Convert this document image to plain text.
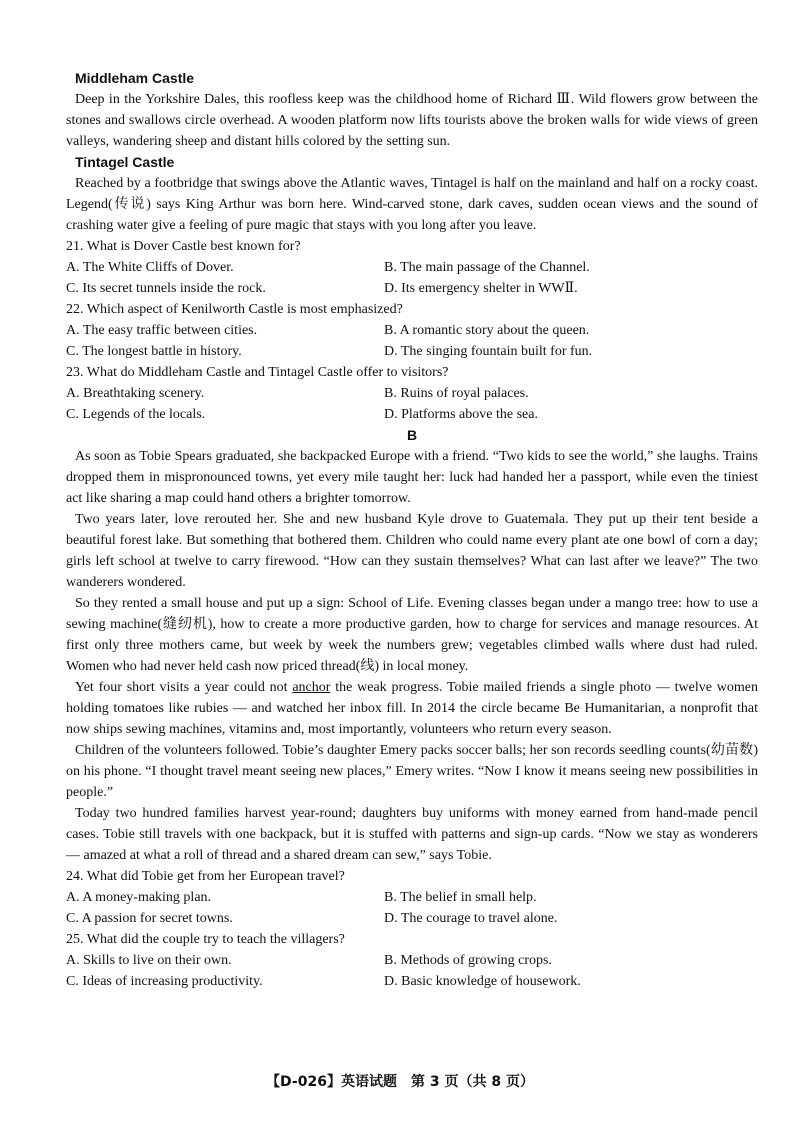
Middleham Castle

Deep in the Yorkshire Dales, this roofless keep was the childhood home of Richard Ⅲ. Wild flowers grow between the stones and swallows circle overhead. A wooden platform now lifts tourists above the broken walls for wide views of green valleys, wandering sheep and distant hills colored by the setting sun.

Tintagel Castle

Reached by a footbridge that swings above the Atlantic waves, Tintagel is half on the mainland and half on a rocky coast. Legend(传说) says King Arthur was born here. Wind-carved stone, dark caves, sudden ocean views and the sound of crashing water give a feeling of pure magic that stays with you long after you leave.

21. What is Dover Castle best known for?

A. The White Cliffs of Dover.	B. The main passage of the Channel.
C. Its secret tunnels inside the rock.	D. Its emergency shelter in WWⅡ.

22. Which aspect of Kenilworth Castle is most emphasized?

A. The easy traffic between cities.	B. A romantic story about the queen.
C. The longest battle in history.	D. The singing fountain built for fun.

23. What do Middleham Castle and Tintagel Castle offer to visitors?

A. Breathtaking scenery.	B. Ruins of royal palaces.
C. Legends of the locals.	D. Platforms above the sea.

B

As soon as Tobie Spears graduated, she backpacked Europe with a friend. “Two kids to see the world,” she laughs. Trains dropped them in mispronounced towns, yet every mile taught her: luck had handed her a passport, while even the tiniest act like sharing a map could hand others a brighter tomorrow.

Two years later, love rerouted her. She and new husband Kyle drove to Guatemala. They put up their tent beside a beautiful forest lake. But something that bothered them. Children who could name every plant ate one bowl of corn a day; girls left school at twelve to carry firewood. “How can they sustain themselves? What can last after we leave?” The two wanderers wondered.

So they rented a small house and put up a sign: School of Life. Evening classes began under a mango tree: how to use a sewing machine(缝纫机), how to create a more productive garden, how to charge for services and manage resources. At first only three mothers came, but week by week the numbers grew; vegetables climbed walls where dust had ruled. Women who had never held cash now priced thread(线) in local money.

Yet four short visits a year could not anchor the weak progress. Tobie mailed friends a single photo — twelve women holding tomatoes like rubies — and watched her inbox fill. In 2014 the circle became Be Humanitarian, a nonprofit that now ships sewing machines, vitamins and, most importantly, volunteers who return every season.

Children of the volunteers followed. Tobie’s daughter Emery packs soccer balls; her son records seedling counts(幼苗数) on his phone. “I thought travel meant seeing new places,” Emery writes. “Now I know it means seeing new possibilities in people.”

Today two hundred families harvest year-round; daughters buy uniforms with money earned from hand-made pencil cases. Tobie still travels with one backpack, but it is stuffed with patterns and sign-up cards. “Now we stay as wonderers — amazed at what a roll of thread and a shared dream can sew,” says Tobie.

24. What did Tobie get from her European travel?

A. A money-making plan.	B. The belief in small help.
C. A passion for secret towns.	D. The courage to travel alone.

25. What did the couple try to teach the villagers?

A. Skills to live on their own.	B. Methods of growing crops.
C. Ideas of increasing productivity.	D. Basic knowledge of housework.
【D-026】英语试题　第 3 页（共 8 页）
